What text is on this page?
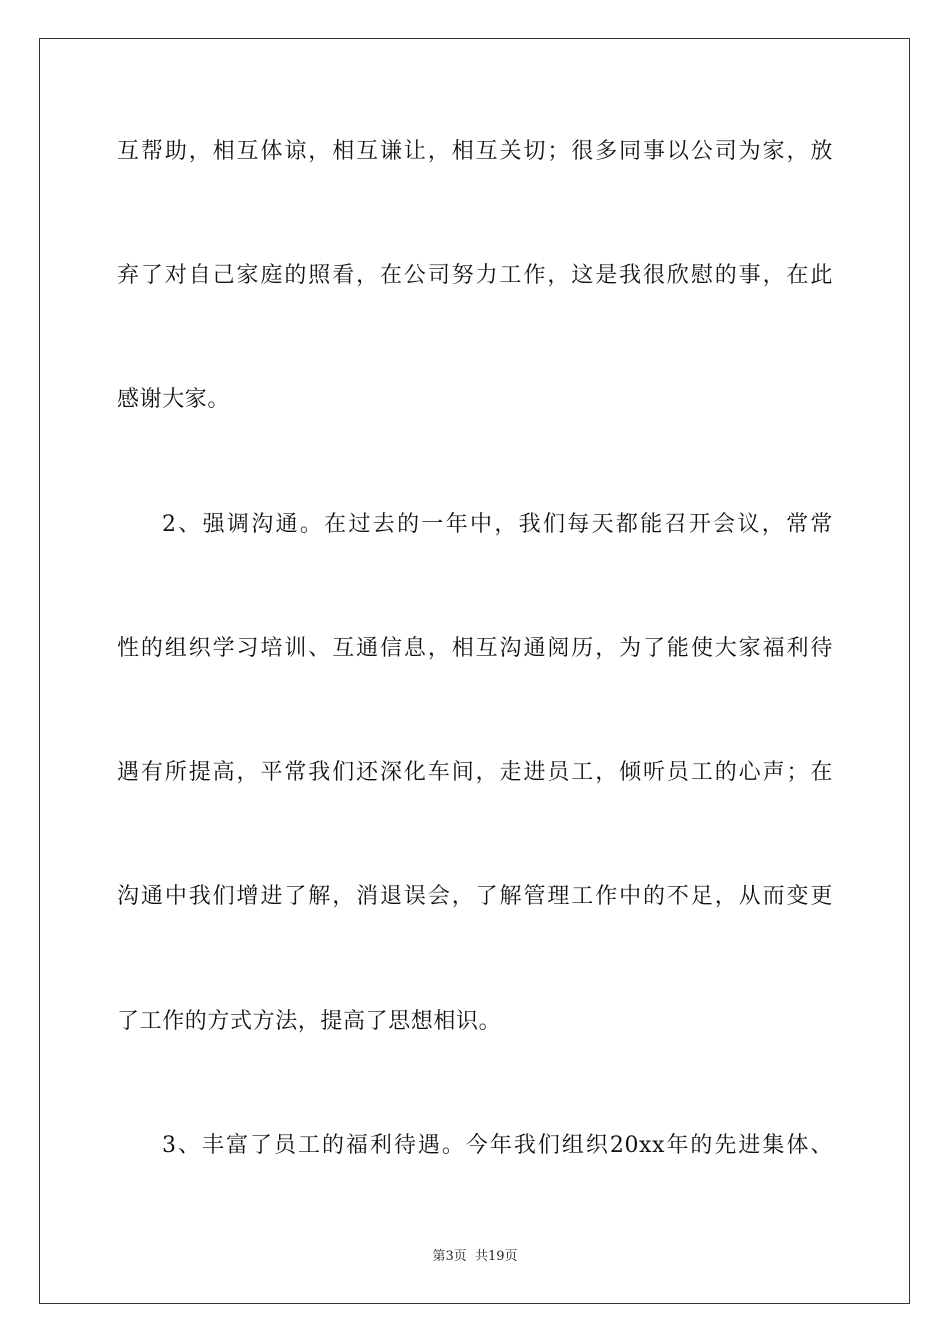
互帮助，相互体谅，相互谦让，相互关切；很多同事以公司为家，放
弃了对自己家庭的照看，在公司努力工作，这是我很欣慰的事，在此
感谢大家。
2、强调沟通。在过去的一年中，我们每天都能召开会议，常常
性的组织学习培训、互通信息，相互沟通阅历，为了能使大家福利待
遇有所提高，平常我们还深化车间，走进员工，倾听员工的心声；在
沟通中我们增进了解，消退误会，了解管理工作中的不足，从而变更
了工作的方式方法，提高了思想相识。
3、丰富了员工的福利待遇。今年我们组织20xx年的先进集体、
第3页  共19页
